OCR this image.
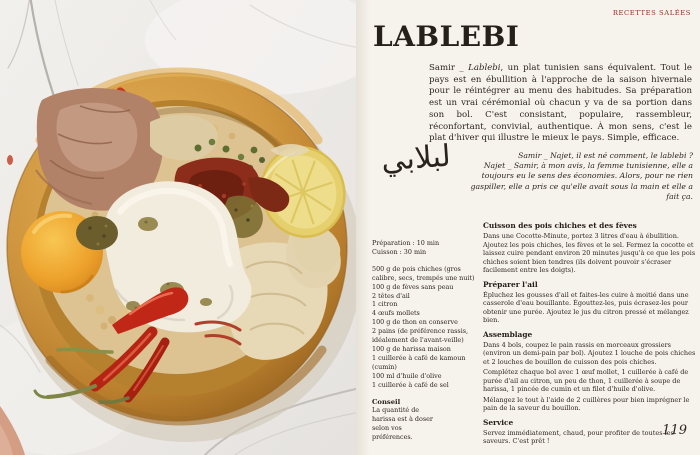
RECETTES SALÉES
LABLEBI

Samir _ Lablebi, un plat tunisien sans équivalent. Tout le pays est en ébullition à l'approche de la saison hivernale pour le réintégrer au menu des habitudes. Sa préparation est un vrai cérémonial où chacun y va de sa portion dans son bol. C'est consistant, populaire, rassembleur, réconfortant, convivial, authentique. À mon sens, c'est le plat d'hiver qui illustre le mieux le pays. Simple, efficace.

لبلابي	Samir _ Najet, il est né comment, le lablebi ?
Najet _ Samir, à mon avis, la femme tunisienne, elle a toujours eu le sens des économies. Alors, pour ne rien gaspiller, elle a pris ce qu'elle avait sous la main et elle a fait ça.
Préparation : 10 min
Cuisson : 30 min
500 g de pois chiches (gros calibre, secs, trempés une nuit)
100 g de fèves sans peau
2 têtes d'ail
1 citron
4 œufs mollets
100 g de thon en conserve
2 pains (de préférence rassis, idéalement de l'avant-veille)
100 g de harissa maison
1 cuillerée à café de kamoun (cumin)
100 ml d'huile d'olive
1 cuillerée à café de sel
Conseil
La quantité de harissa est à doser selon vos préférences.
Cuisson des pois chiches et des fèves
Dans une Cocotte-Minute, portez 3 litres d'eau à ébullition. Ajoutez les pois chiches, les fèves et le sel. Fermez la cocotte et laissez cuire pendant environ 20 minutes jusqu'à ce que les pois chiches soient bien tendres (ils doivent pouvoir s'écraser facilement entre les doigts).
Préparer l'ail
Épluchez les gousses d'ail et faites-les cuire à moitié dans une casserole d'eau bouillante. Égouttez-les, puis écrasez-les pour obtenir une purée. Ajoutez le jus du citron pressé et mélangez bien.
Assemblage
Dans 4 bols, coupez le pain rassis en morceaux grossiers (environ un demi-pain par bol). Ajoutez 1 louche de pois chiches et 2 louches de bouillon de cuisson des pois chiches.
Complétez chaque bol avec 1 œuf mollet, 1 cuillerée à café de purée d'ail au citron, un peu de thon, 1 cuillerée à soupe de harissa, 1 pincée de cumin et un filet d'huile d'olive.
Mélangez le tout à l'aide de 2 cuillères pour bien imprégner le pain de la saveur du bouillon.
Service
Servez immédiatement, chaud, pour profiter de toutes les saveurs. C'est prêt !
119
